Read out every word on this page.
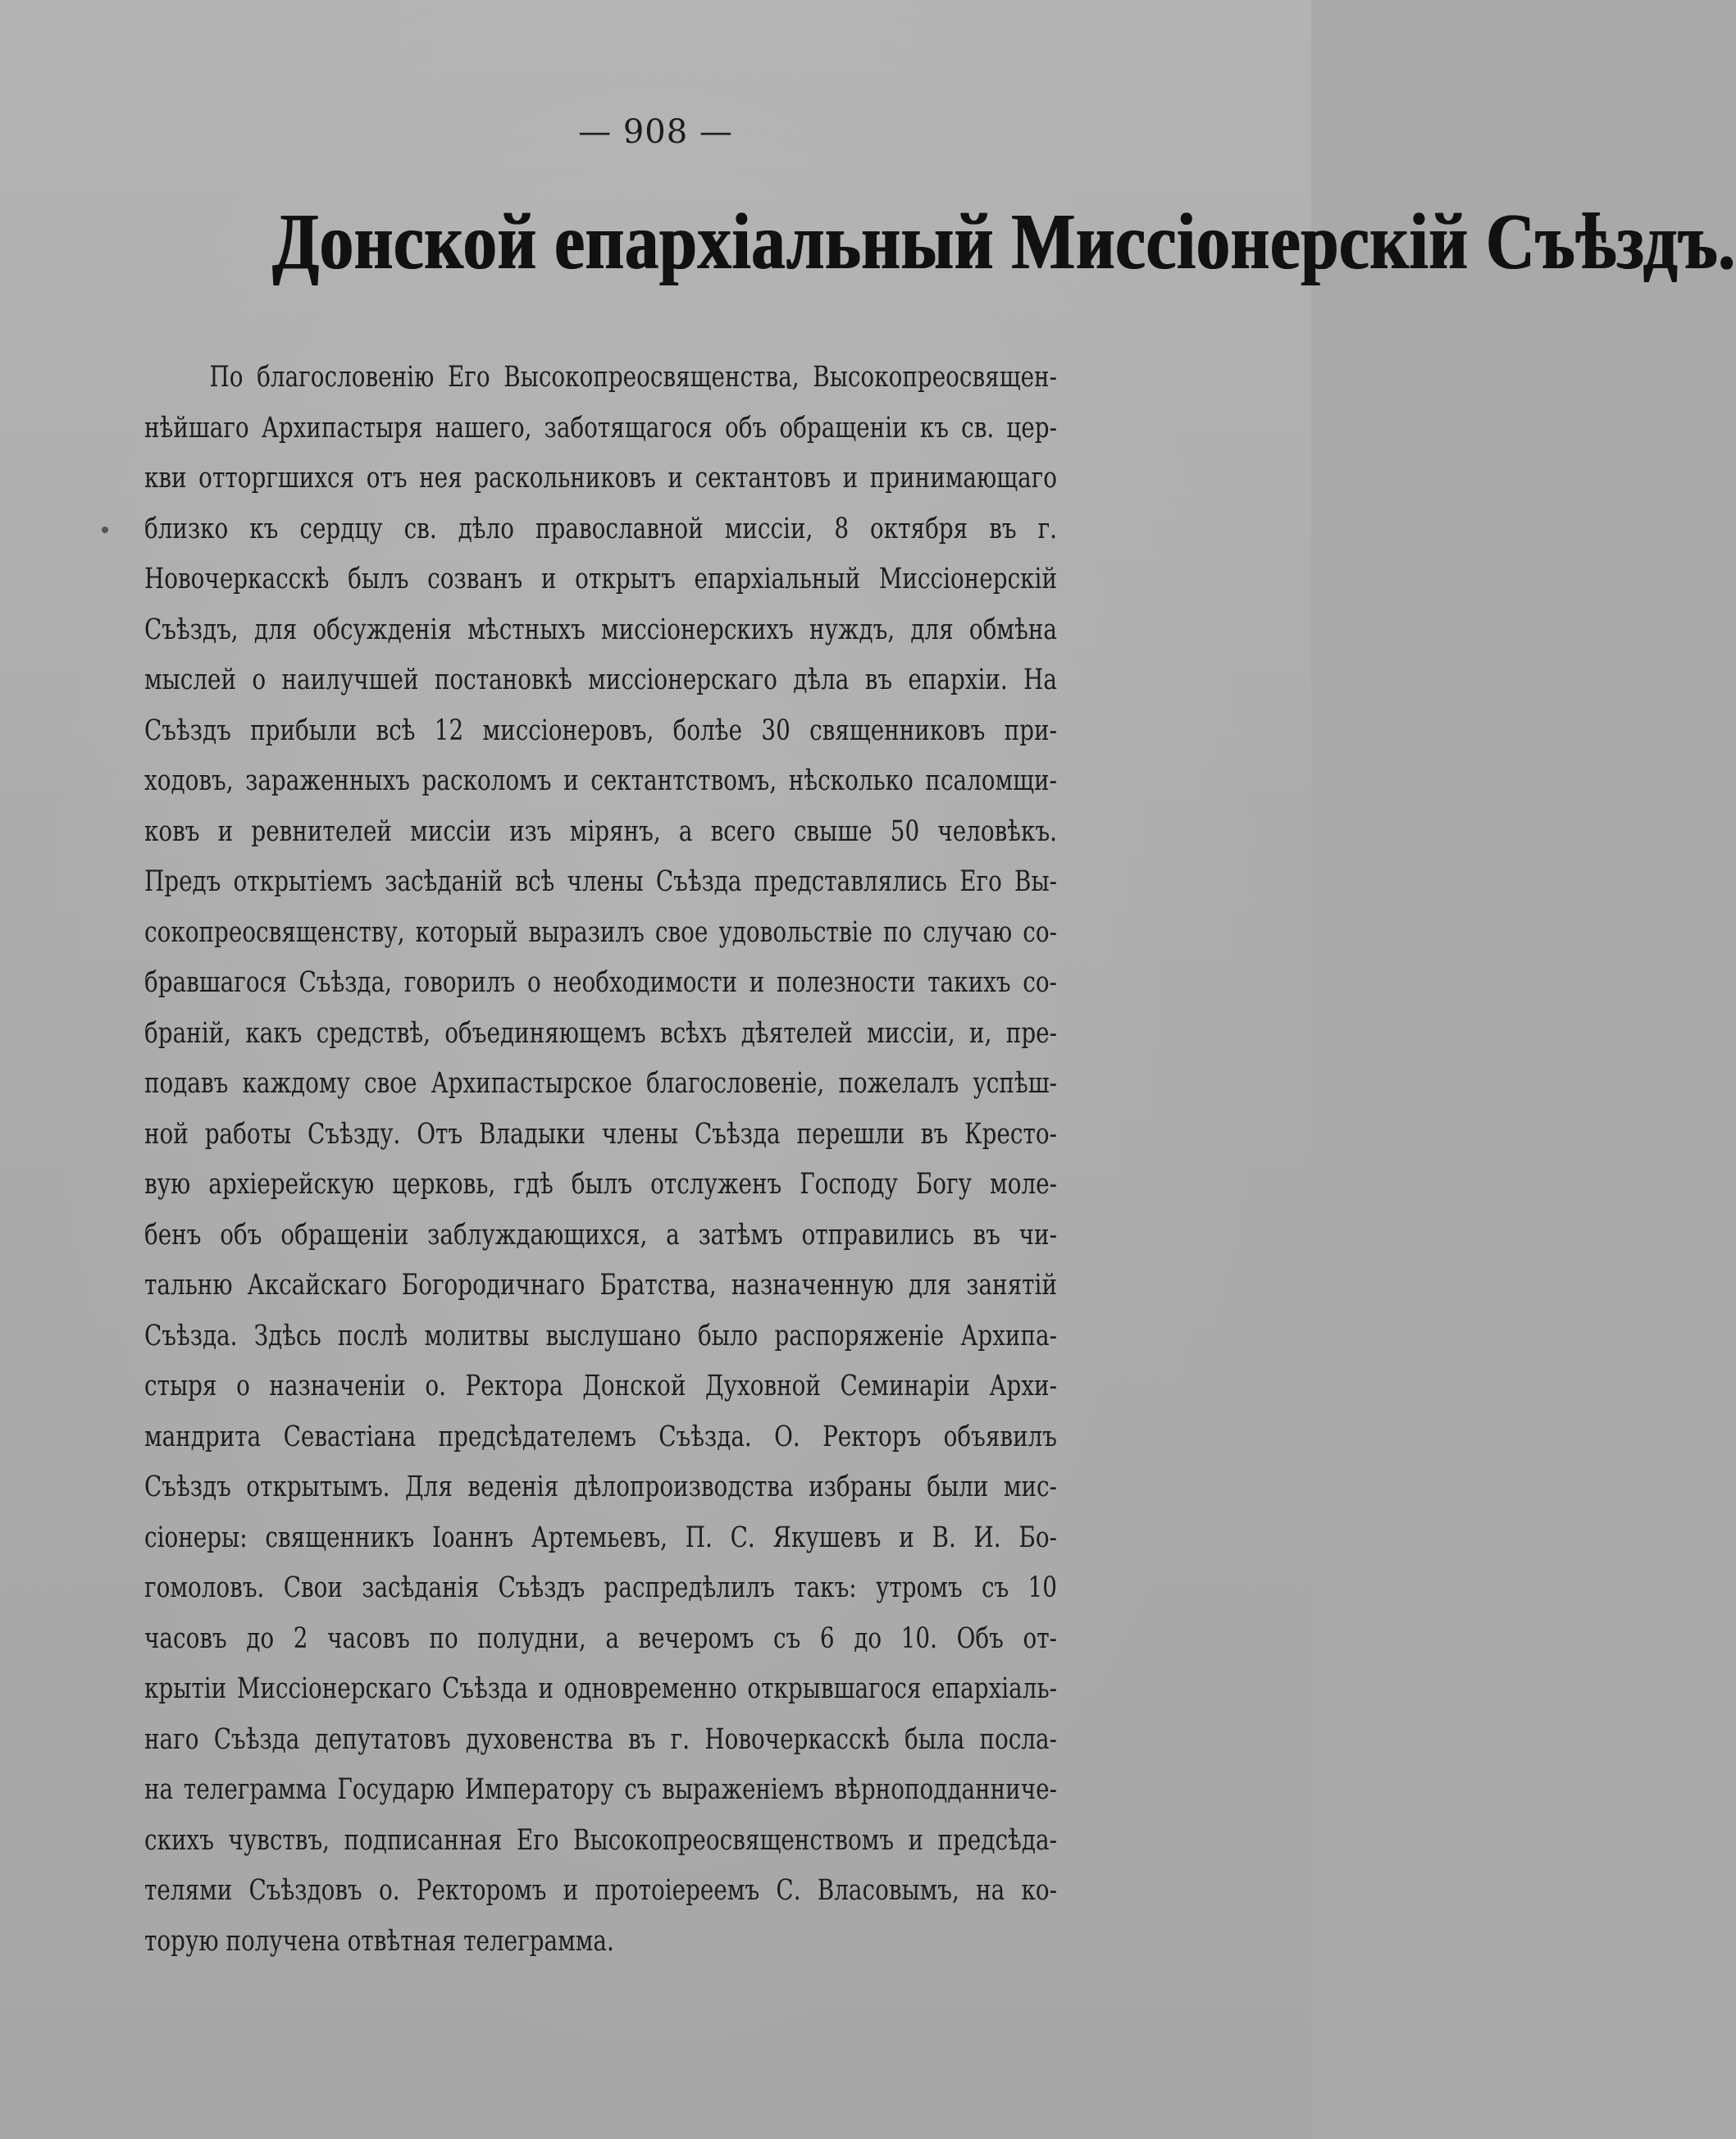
— 908 —
Донской епархіальный Миссіонерскій Съѣздъ.
По благословенію Его Высокопреосвященства, Высокопреосвящен-
нѣйшаго Архипастыря нашего, заботящагося объ обращеніи къ св. цер-
кви отторгшихся отъ нея раскольниковъ и сектантовъ и принимающаго
близко къ сердцу св. дѣло православной миссіи, 8 октября въ г.
Новочеркасскѣ былъ созванъ и открытъ епархіальный Миссіонерскій
Съѣздъ, для обсужденія мѣстныхъ миссіонерскихъ нуждъ, для обмѣна
мыслей о наилучшей постановкѣ миссіонерскаго дѣла въ епархіи. На
Съѣздъ прибыли всѣ 12 миссіонеровъ, болѣе 30 священниковъ при-
ходовъ, зараженныхъ расколомъ и сектантствомъ, нѣсколько псаломщи-
ковъ и ревнителей миссіи изъ мірянъ, а всего свыше 50 человѣкъ.
Предъ открытіемъ засѣданій всѣ члены Съѣзда представлялись Его Вы-
сокопреосвященству, который выразилъ свое удовольствіе по случаю со-
бравшагося Съѣзда, говорилъ о необходимости и полезности такихъ со-
браній, какъ средствѣ, объединяющемъ всѣхъ дѣятелей миссіи, и, пре-
подавъ каждому свое Архипастырское благословеніе, пожелалъ успѣш-
ной работы Съѣзду. Отъ Владыки члены Съѣзда перешли въ Кресто-
вую архіерейскую церковь, гдѣ былъ отслуженъ Господу Богу моле-
бенъ объ обращеніи заблуждающихся, а затѣмъ отправились въ чи-
тальню Аксайскаго Богородичнаго Братства, назначенную для занятій
Съѣзда. Здѣсь послѣ молитвы выслушано было распоряженіе Архипа-
стыря о назначеніи о. Ректора Донской Духовной Семинаріи Архи-
мандрита Севастіана предсѣдателемъ Съѣзда. О. Ректоръ объявилъ
Съѣздъ открытымъ. Для веденія дѣлопроизводства избраны были мис-
сіонеры: священникъ Іоаннъ Артемьевъ, П. С. Якушевъ и В. И. Бо-
гомоловъ. Свои засѣданія Съѣздъ распредѣлилъ такъ: утромъ съ 10
часовъ до 2 часовъ по полудни, а вечеромъ съ 6 до 10. Объ от-
крытіи Миссіонерскаго Съѣзда и одновременно открывшагося епархіаль-
наго Съѣзда депутатовъ духовенства въ г. Новочеркасскѣ была посла-
на телеграмма Государю Императору съ выраженіемъ вѣрноподданниче-
скихъ чувствъ, подписанная Его Высокопреосвященствомъ и предсѣда-
телями Съѣздовъ о. Ректоромъ и протоіереемъ С. Власовымъ, на ко-
торую получена отвѣтная телеграмма.
